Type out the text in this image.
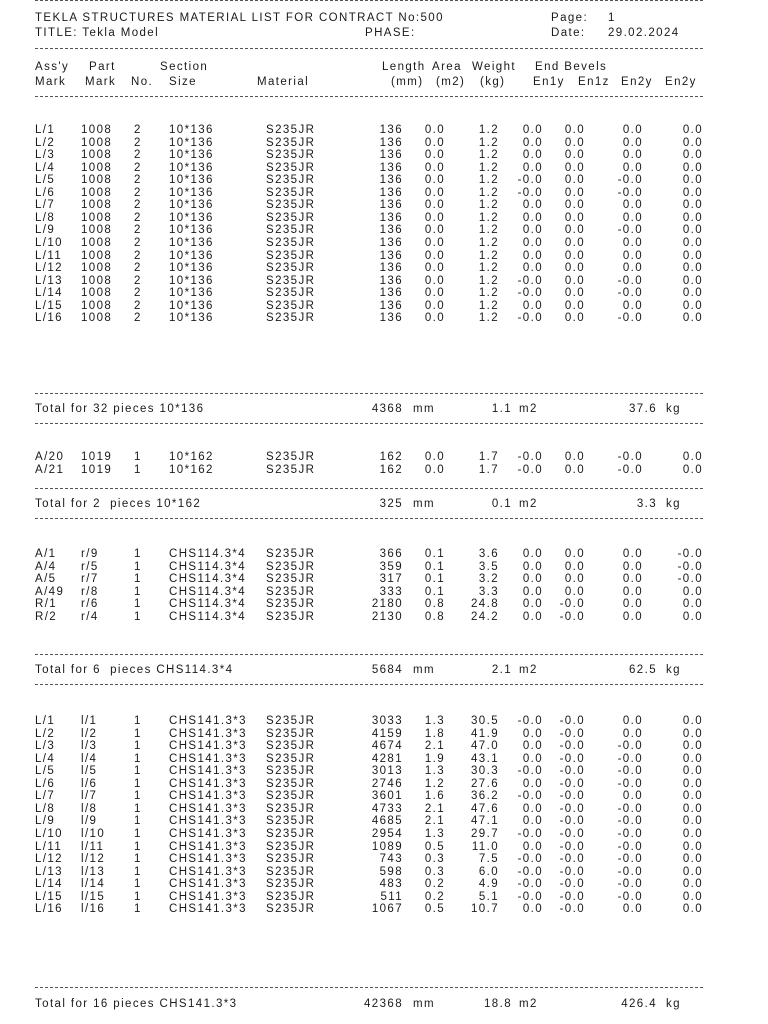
TEKLA STRUCTURES MATERIAL LIST FOR CONTRACT No:500	Page: 1
TITLE: Tekla Model	PHASE:	Date: 29.02.2024
Ass'y Part	Section	Length Area Weight End Bevels
Mark Mark No. Size	Material	(mm) (m2) (kg) En1y En1z En2y En2y
L/1 1008 2 10*136	S235JR	136	0.0	1.2	0.0	0.0	0.0	0.0
L/2 1008 2 10*136	S235JR	136	0.0	1.2	0.0	0.0	0.0	0.0
L/3 1008 2 10*136	S235JR	136	0.0	1.2	0.0	0.0	0.0	0.0
L/4 1008 2 10*136	S235JR	136	0.0	1.2	0.0	0.0	0.0	0.0
L/5 1008 2 10*136	S235JR	136	0.0	1.2	-0.0	0.0	-0.0	0.0
L/6 1008 2 10*136	S235JR	136	0.0	1.2	-0.0	0.0	-0.0	0.0
L/7 1008 2 10*136	S235JR	136	0.0	1.2	0.0	0.0	0.0	0.0
L/8 1008 2 10*136	S235JR	136	0.0	1.2	0.0	0.0	0.0	0.0
L/9 1008 2 10*136	S235JR	136	0.0	1.2	0.0	0.0	-0.0	0.0
L/10 1008 2 10*136	S235JR	136	0.0	1.2	0.0	0.0	0.0	0.0
L/11 1008 2 10*136	S235JR	136	0.0	1.2	0.0	0.0	0.0	0.0
L/12 1008 2 10*136	S235JR	136	0.0	1.2	0.0	0.0	0.0	0.0
L/13 1008 2 10*136	S235JR	136	0.0	1.2	-0.0	0.0	-0.0	0.0
L/14 1008 2 10*136	S235JR	136	0.0	1.2	-0.0	0.0	-0.0	0.0
L/15 1008 2 10*136	S235JR	136	0.0	1.2	0.0	0.0	0.0	0.0
L/16 1008 2 10*136	S235JR	136	0.0	1.2	-0.0	0.0	-0.0	0.0
Total for 32 pieces 10*136	4368 mm	1.1 m2	37.6 kg
A/20 1019 1 10*162	S235JR	162	0.0	1.7	-0.0	0.0	-0.0	0.0
A/21 1019 1 10*162	S235JR	162	0.0	1.7	-0.0	0.0	-0.0	0.0
Total for 2  pieces 10*162	325 mm	0.1 m2	3.3 kg
A/1 r/9	1 CHS114.3*4 S235JR	366	0.1	3.6	0.0	0.0	0.0	-0.0
A/4 r/5	1 CHS114.3*4 S235JR	359	0.1	3.5	0.0	0.0	0.0	-0.0
A/5 r/7	1 CHS114.3*4 S235JR	317	0.1	3.2	0.0	0.0	0.0	-0.0
A/49 r/8	1 CHS114.3*4 S235JR	333	0.1	3.3	0.0	0.0	0.0	0.0
R/1 r/6	1 CHS114.3*4 S235JR	2180	0.8	24.8	0.0	-0.0	0.0	0.0
R/2 r/4	1 CHS114.3*4 S235JR	2130	0.8	24.2	0.0	-0.0	0.0	0.0
Total for 6  pieces CHS114.3*4	5684 mm	2.1 m2	62.5 kg
L/1 l/1	1 CHS141.3*3 S235JR	3033	1.3	30.5	-0.0	-0.0	0.0	0.0
L/2 l/2	1 CHS141.3*3 S235JR	4159	1.8	41.9	0.0	-0.0	0.0	0.0
L/3 l/3	1 CHS141.3*3 S235JR	4674	2.1	47.0	0.0	-0.0	-0.0	0.0
L/4 l/4	1 CHS141.3*3 S235JR	4281	1.9	43.1	0.0	-0.0	-0.0	0.0
L/5 l/5	1 CHS141.3*3 S235JR	3013	1.3	30.3	-0.0	-0.0	-0.0	0.0
L/6 l/6	1 CHS141.3*3 S235JR	2746	1.2	27.6	0.0	-0.0	-0.0	0.0
L/7 l/7	1 CHS141.3*3 S235JR	3601	1.6	36.2	-0.0	-0.0	0.0	0.0
L/8 l/8	1 CHS141.3*3 S235JR	4733	2.1	47.6	0.0	-0.0	-0.0	0.0
L/9 l/9	1 CHS141.3*3 S235JR	4685	2.1	47.1	0.0	-0.0	-0.0	0.0
L/10 l/10	1 CHS141.3*3 S235JR	2954	1.3	29.7	-0.0	-0.0	-0.0	0.0
L/11 l/11	1 CHS141.3*3 S235JR	1089	0.5	11.0	0.0	-0.0	-0.0	0.0
L/12 l/12	1 CHS141.3*3 S235JR	743	0.3	7.5	-0.0	-0.0	-0.0	0.0
L/13 l/13	1 CHS141.3*3 S235JR	598	0.3	6.0	-0.0	-0.0	-0.0	0.0
L/14 l/14	1 CHS141.3*3 S235JR	483	0.2	4.9	-0.0	-0.0	-0.0	0.0
L/15 l/15	1 CHS141.3*3 S235JR	511	0.2	5.1	-0.0	-0.0	-0.0	0.0
L/16 l/16	1 CHS141.3*3 S235JR	1067	0.5	10.7	0.0	-0.0	0.0	0.0
Total for 16 pieces CHS141.3*3	42368 mm	18.8 m2	426.4 kg
